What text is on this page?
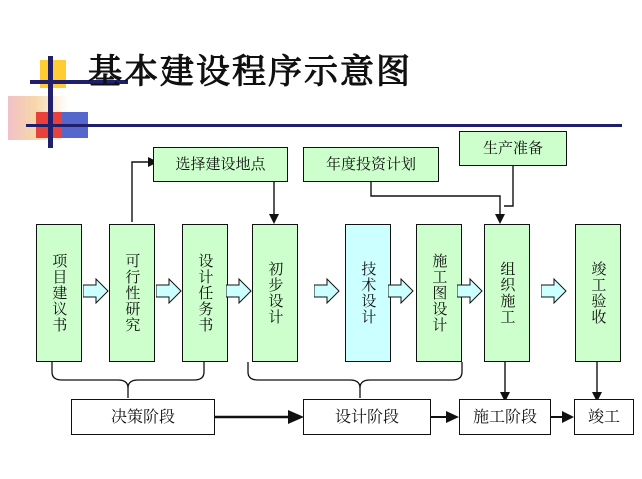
基本建设程序示意图
选择建设地点	年度投资计划
生产准备
项目建议书	可行性研究	设计任务书	初步设计	技术设计	施工图设计	组织施工	竣工验收
决策阶段	设计阶段	施工阶段	竣工
